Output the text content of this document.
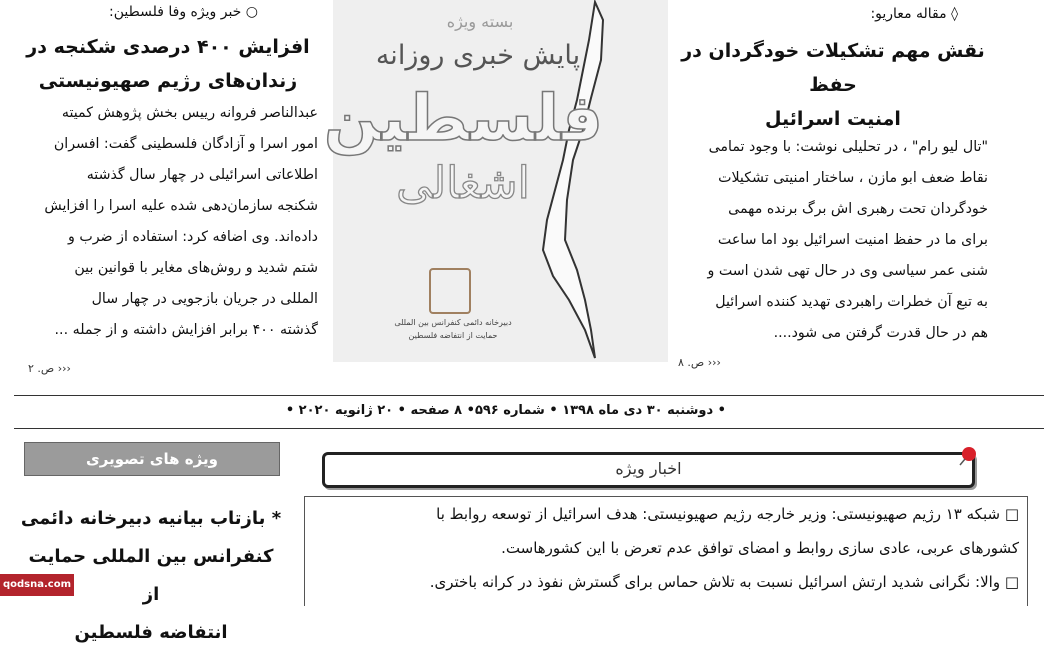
◊ مقاله معاریو:
نقش مهم تشکیلات خودگردان در حفظ
امنیت اسرائیل
"تال لیو رام" ، در تحلیلی نوشت: با وجود تمامی
نقاط ضعف ابو مازن ، ساختار امنیتی تشکیلات
خودگردان تحت رهبری اش برگ برنده مهمی
برای ما در حفظ امنیت اسرائیل بود اما ساعت
شنی عمر سیاسی وی در حال تهی شدن است و
به تبع آن خطرات راهبردی تهدید کننده اسرائیل
هم در حال قدرت گرفتن می شود....
‹‹‹ ص. ۸
بسته ویژه
پایش خبری روزانه
فلسطین
اشغالی
دبیرخانه دائمی کنفرانس بین المللی
حمایت از انتفاضه فلسطین
○ خبر ویژه وفا فلسطین:
افزایش ۴۰۰ درصدی شکنجه در
زندان‌های رژیم صهیونیستی
عبدالناصر فروانه رییس بخش پژوهش کمیته
امور اسرا و آزادگان فلسطینی گفت: افسران
اطلاعاتی اسرائیلی در چهار سال گذشته
شکنجه سازمان‌دهی شده علیه اسرا را افزایش
داده‌اند. وی اضافه کرد: استفاده از ضرب و
شتم شدید و روش‌های مغایر با قوانین بین
المللی در جریان بازجویی در چهار سال
گذشته ۴۰۰ برابر افزایش داشته و از جمله ...
‹‹‹ ص. ۲
• دوشنبه ۳۰ دی ماه ۱۳۹۸ • شماره ۵۹۶• ۸ صفحه • ۲۰ ژانویه ۲۰۲۰ •
ویژه های تصویری	اخبار ویژه
□ شبکه ۱۳ رژیم صهیونیستی: وزیر خارجه رژیم صهیونیستی: هدف اسرائیل از توسعه روابط با
کشورهای عربی، عادی سازی روابط و امضای توافق عدم تعرض با این کشورهاست.
□ والا: نگرانی شدید ارتش اسرائیل نسبت به تلاش حماس برای گسترش نفوذ در کرانه باختری.
* بازتاب بیانیه دبیرخانه دائمی
کنفرانس بین المللی حمایت از
انتفاضه فلسطین
qodsna.com
